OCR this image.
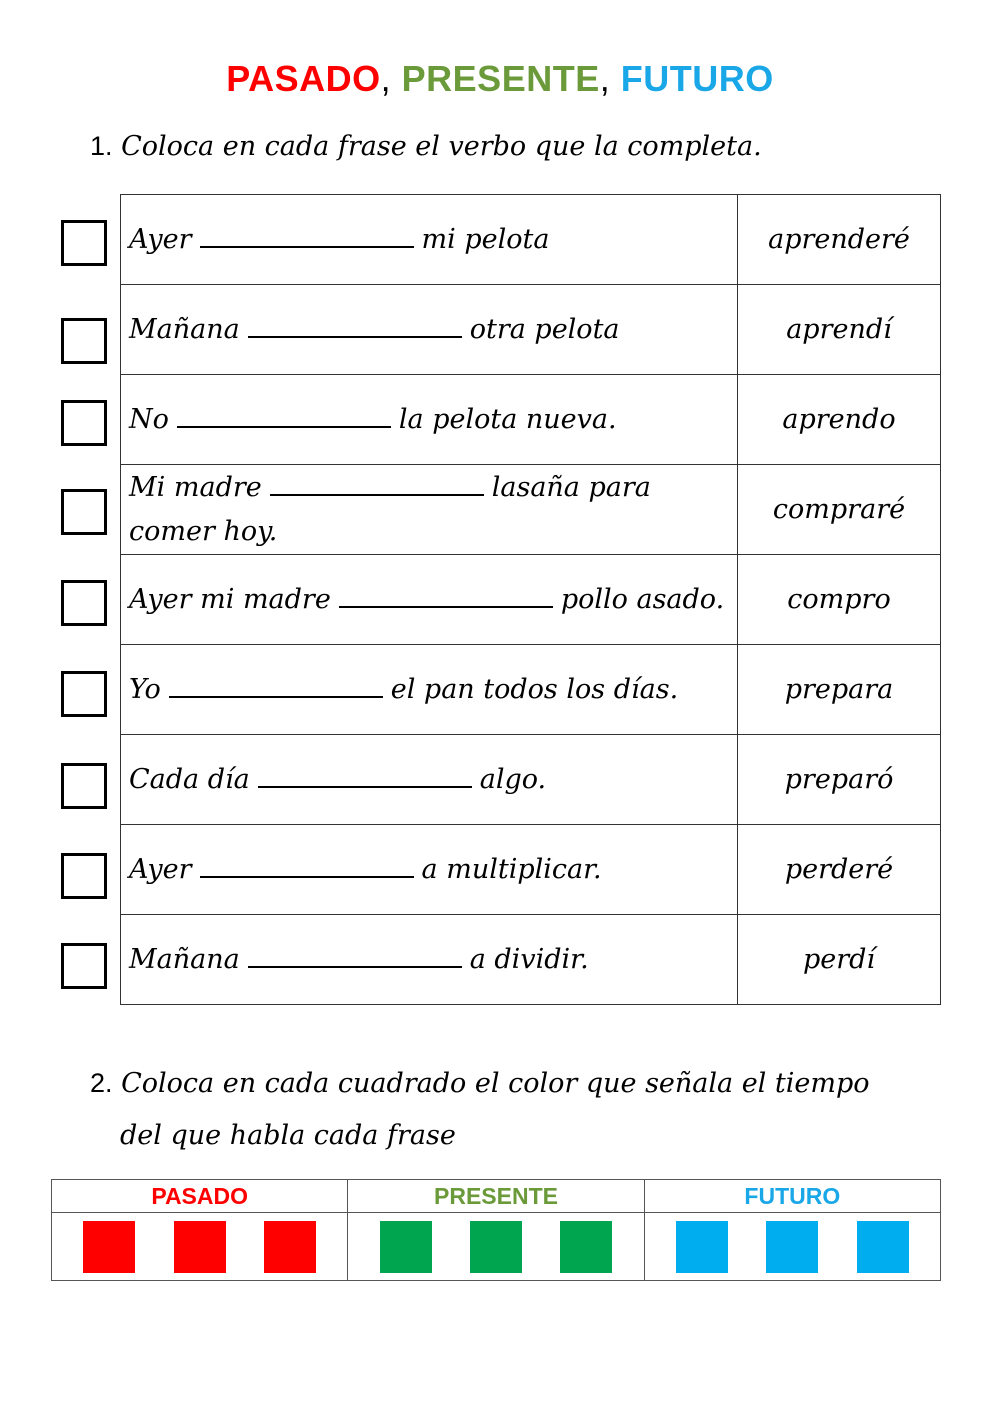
PASADO, PRESENTE, FUTURO
1. Coloca en cada frase el verbo que la completa.
Ayer mi pelota	aprenderé
Mañana otra pelota	aprendí
No la pelota nueva.	aprendo
Mi madre lasaña para comer hoy.	compraré
Ayer mi madre pollo asado.	compro
Yo el pan todos los días.	prepara
Cada día algo.	preparó
Ayer a multiplicar.	perderé
Mañana a dividir.	perdí
2. Coloca en cada cuadrado el color que señala el tiempo
del que habla cada frase
PASADO	PRESENTE	FUTURO
